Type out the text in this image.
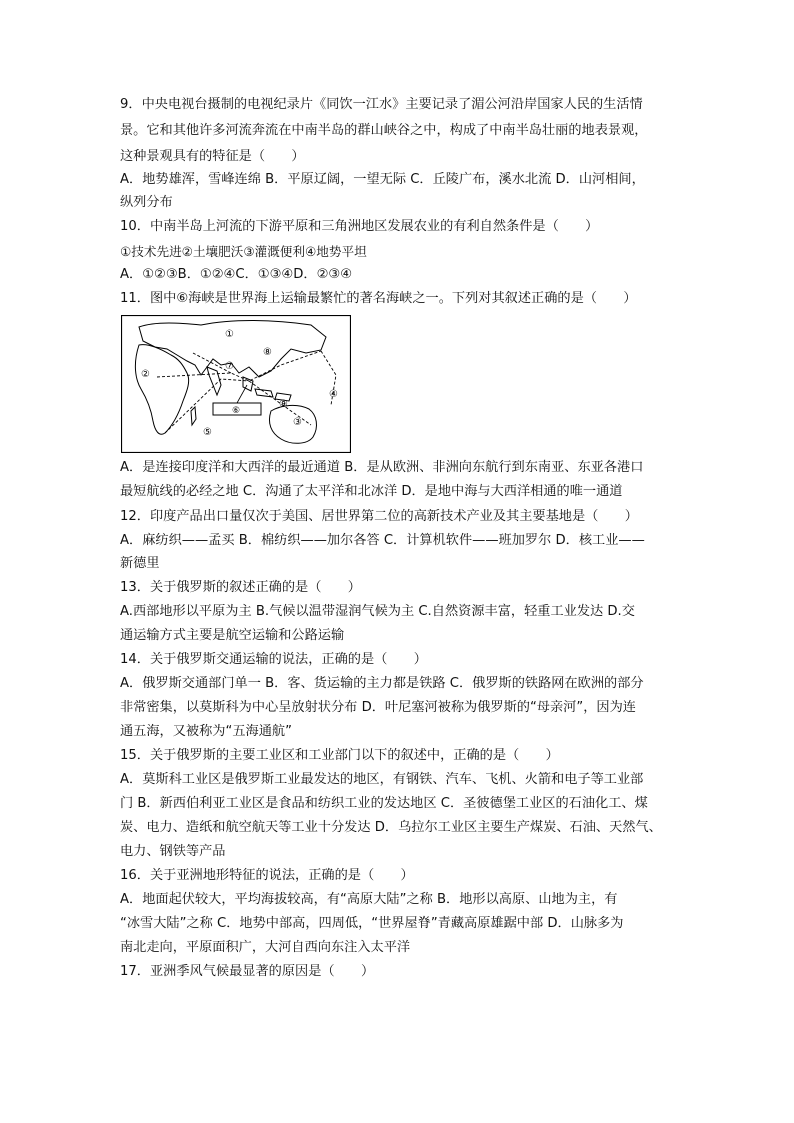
9．中央电视台摄制的电视纪录片《同饮一江水》主要记录了湄公河沿岸国家人民的生活情
景。它和其他许多河流奔流在中南半岛的群山峡谷之中，构成了中南半岛壮丽的地表景观，
这种景观具有的特征是（　　）
A．地势雄浑，雪峰连绵 B．平原辽阔，一望无际 C．丘陵广布，溪水北流 D．山河相间，
纵列分布
10．中南半岛上河流的下游平原和三角洲地区发展农业的有利自然条件是（　　）
①技术先进②土壤肥沃③灌溉便利④地势平坦
A．①②③B．①②④C．①③④D．②③④
11．图中⑥海峡是世界海上运输最繁忙的著名海峡之一。下列对其叙述正确的是（　　）
①
②
③
④
⑤
⑥
⑦
⑧
⑨
A．是连接印度洋和大西洋的最近通道 B．是从欧洲、非洲向东航行到东南亚、东亚各港口
最短航线的必经之地 C．沟通了太平洋和北冰洋 D．是地中海与大西洋相通的唯一通道
12．印度产品出口量仅次于美国、居世界第二位的高新技术产业及其主要基地是（　　）
A．麻纺织——孟买 B．棉纺织——加尔各答 C．计算机软件——班加罗尔 D．核工业——
新德里
13．关于俄罗斯的叙述正确的是（　　）
A.西部地形以平原为主 B.气候以温带湿润气候为主 C.自然资源丰富，轻重工业发达 D.交
通运输方式主要是航空运输和公路运输
14．关于俄罗斯交通运输的说法，正确的是（　　）
A．俄罗斯交通部门单一 B．客、货运输的主力都是铁路 C．俄罗斯的铁路网在欧洲的部分
非常密集，以莫斯科为中心呈放射状分布 D．叶尼塞河被称为俄罗斯的“母亲河”，因为连
通五海，又被称为“五海通航”
15．关于俄罗斯的主要工业区和工业部门以下的叙述中，正确的是（　　）
A．莫斯科工业区是俄罗斯工业最发达的地区，有钢铁、汽车、飞机、火箭和电子等工业部
门 B．新西伯利亚工业区是食品和纺织工业的发达地区 C．圣彼德堡工业区的石油化工、煤
炭、电力、造纸和航空航天等工业十分发达 D．乌拉尔工业区主要生产煤炭、石油、天然气、
电力、钢铁等产品
16．关于亚洲地形特征的说法，正确的是（　　）
A．地面起伏较大，平均海拔较高，有“高原大陆”之称 B．地形以高原、山地为主，有
“冰雪大陆”之称 C．地势中部高，四周低，“世界屋脊”青藏高原雄踞中部 D．山脉多为
南北走向，平原面积广，大河自西向东注入太平洋
17．亚洲季风气候最显著的原因是（　　）
